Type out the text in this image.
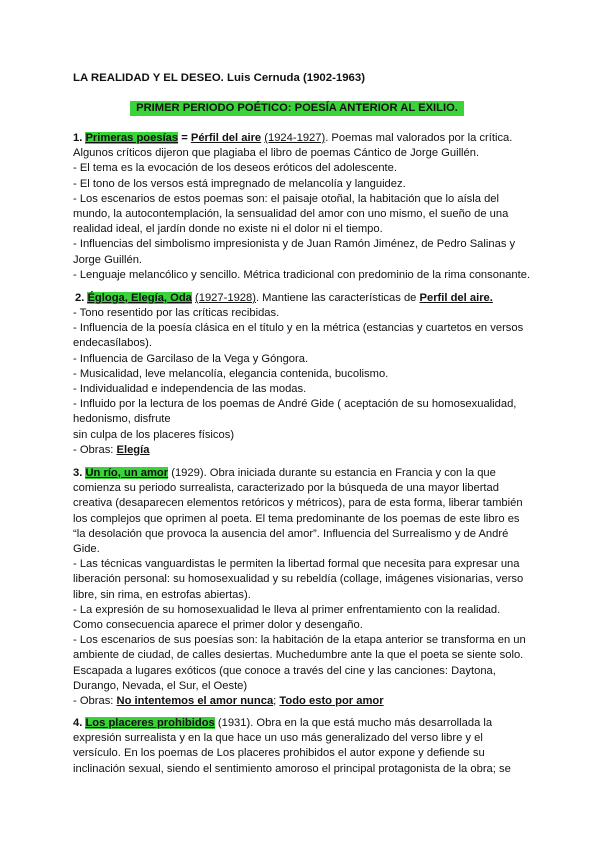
LA REALIDAD Y EL DESEO. Luis Cernuda (1902-1963)
PRIMER PERIODO POÉTICO: POESÍA ANTERIOR AL EXILIO.
1. Primeras poesías = Pérfil del aire (1924-1927). Poemas mal valorados por la crítica.
Algunos críticos dijeron que plagiaba el libro de poemas Cántico de Jorge Guillén.
- El tema es la evocación de los deseos eróticos del adolescente.
- El tono de los versos está impregnado de melancolía y languidez.
- Los escenarios de estos poemas son: el paisaje otoñal, la habitación que lo aísla del
mundo, la autocontemplación, la sensualidad del amor con uno mismo, el sueño de una
realidad ideal, el jardín donde no existe ni el dolor ni el tiempo.
- Influencias del simbolismo impresionista y de Juan Ramón Jiménez, de Pedro Salinas y
Jorge Guillén.
- Lenguaje melancólico y sencillo. Métrica tradicional con predominio de la rima consonante.
2. Égloga, Elegía, Oda (1927-1928). Mantiene las características de Perfil del aire.
- Tono resentido por las críticas recibidas.
- Influencia de la poesía clásica en el título y en la métrica (estancias y cuartetos en versos
endecasílabos).
- Influencia de Garcilaso de la Vega y Góngora.
- Musicalidad, leve melancolía, elegancia contenida, bucolismo.
- Individualidad e independencia de las modas.
- Influido por la lectura de los poemas de André Gide ( aceptación de su homosexualidad,
hedonismo, disfrute
sin culpa de los placeres físicos)
- Obras: Elegía
3. Un río, un amor (1929). Obra iniciada durante su estancia en Francia y con la que
comienza su periodo surrealista, caracterizado por la búsqueda de una mayor libertad
creativa (desaparecen elementos retóricos y métricos), para de esta forma, liberar también
los complejos que oprimen al poeta. El tema predominante de los poemas de este libro es
“la desolación que provoca la ausencia del amor”. Influencia del Surrealismo y de André
Gide.
- Las técnicas vanguardistas le permiten la libertad formal que necesita para expresar una
liberación personal: su homosexualidad y su rebeldía (collage, imágenes visionarias, verso
libre, sin rima, en estrofas abiertas).
- La expresión de su homosexualidad le lleva al primer enfrentamiento con la realidad.
Como consecuencia aparece el primer dolor y desengaño.
- Los escenarios de sus poesías son: la habitación de la etapa anterior se transforma en un
ambiente de ciudad, de calles desiertas. Muchedumbre ante la que el poeta se siente solo.
Escapada a lugares exóticos (que conoce a través del cine y las canciones: Daytona,
Durango, Nevada, el Sur, el Oeste)
- Obras: No intentemos el amor nunca; Todo esto por amor
4. Los placeres prohibidos (1931). Obra en la que está mucho más desarrollada la
expresión surrealista y en la que hace un uso más generalizado del verso libre y el
versículo. En los poemas de Los placeres prohibidos el autor expone y defiende su
inclinación sexual, siendo el sentimiento amoroso el principal protagonista de la obra; se
